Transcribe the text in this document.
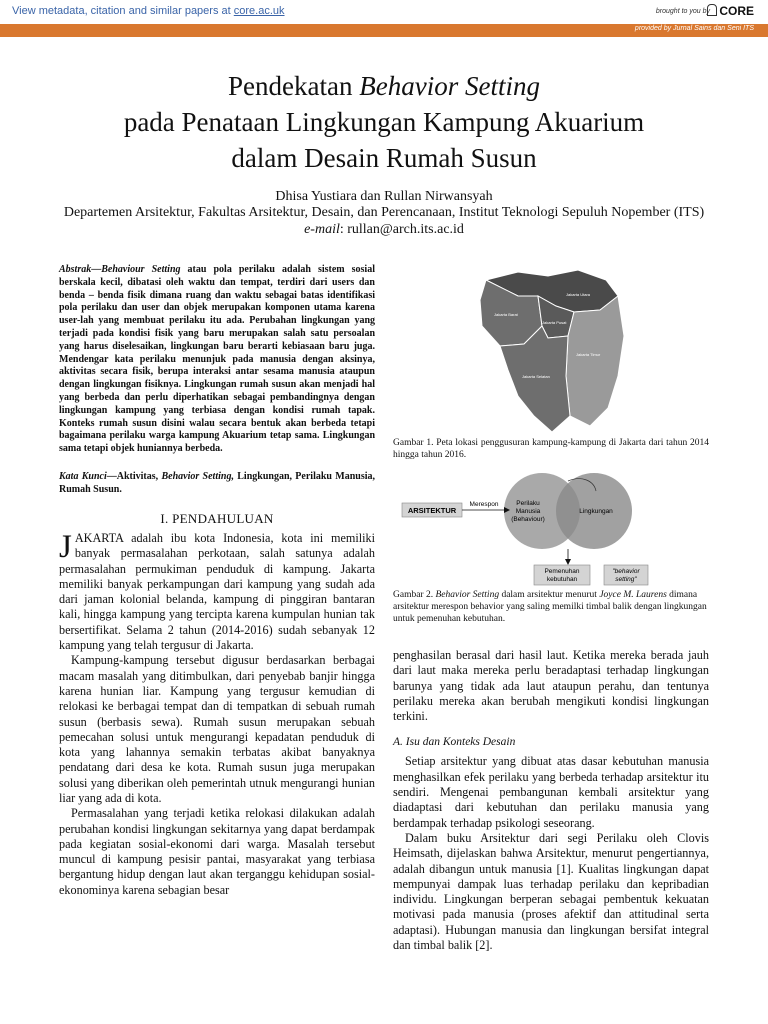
View metadata, citation and similar papers at core.ac.uk	brought to you by CORE
provided by Jurnal Sains dan Seni ITS
Pendekatan Behavior Setting
pada Penataan Lingkungan Kampung Akuarium
dalam Desain Rumah Susun
Dhisa Yustiara dan Rullan Nirwansyah
Departemen Arsitektur, Fakultas Arsitektur, Desain, dan Perencanaan, Institut Teknologi Sepuluh Nopember (ITS)
e-mail: rullan@arch.its.ac.id

Abstrak—Behaviour Setting atau pola perilaku adalah sistem sosial berskala kecil, dibatasi oleh waktu dan tempat, terdiri dari users dan benda – benda fisik dimana ruang dan waktu sebagai batas identifikasi pola perilaku dan user dan objek merupakan komponen utama karena user-lah yang membuat perilaku itu ada. Perubahan lingkungan yang terjadi pada kondisi fisik yang baru merupakan salah satu persoalan yang harus diselesaikan, lingkungan baru berarti kebiasaan baru juga. Mendengar kata perilaku menunjuk pada manusia dengan aksinya, aktivitas secara fisik, berupa interaksi antar sesama manusia ataupun dengan lingkungan fisiknya. Lingkungan rumah susun akan menjadi hal yang berbeda dan perlu diperhatikan sebagai pembandingnya dengan lingkungan kampung yang terbiasa dengan kondisi rumah tapak. Konteks rumah susun disini walau secara bentuk akan berbeda tetapi bagaimana perilaku warga kampung Akuarium tetap sama. Lingkungan sama tetapi objek huniannya berbeda.

Kata Kunci—Aktivitas, Behavior Setting, Lingkungan, Perilaku Manusia, Rumah Susun.

I. PENDAHULUAN

JAKARTA adalah ibu kota Indonesia, kota ini memiliki banyak permasalahan perkotaan, salah satunya adalah permasalahan permukiman penduduk di kampung. Jakarta memiliki banyak perkampungan dari kampung yang sudah ada dari jaman kolonial belanda, kampung di pinggiran bantaran kali, hingga kampung yang tercipta karena kumpulan hunian tak bersertifikat. Selama 2 tahun (2014-2016) sudah sebanyak 12 kampung yang telah tergusur di Jakarta.

Kampung-kampung tersebut digusur berdasarkan berbagai macam masalah yang ditimbulkan, dari penyebab banjir hingga karena hunian liar. Kampung yang tergusur kemudian di relokasi ke berbagai tempat dan di tempatkan di sebuah rumah susun (berbasis sewa). Rumah susun merupakan sebuah pemecahan solusi untuk mengurangi kepadatan penduduk di kota yang lahannya semakin terbatas akibat banyaknya pendatang dari desa ke kota. Rumah susun juga merupakan solusi yang diberikan oleh pemerintah utnuk mengurangi hunian liar yang ada di kota.

Permasalahan yang terjadi ketika relokasi dilakukan adalah perubahan kondisi lingkungan sekitarnya yang dapat berdampak pada kegiatan sosial-ekonomi dari warga. Masalah tersebut muncul di kampung pesisir pantai, masyarakat yang terbiasa bergantung hidup dengan laut akan terganggu kehidupan sosial-ekonominya karena sebagian besar

Jakarta Utara
Jakarta Barat
Jakarta Pusat
Jakarta Timur
Jakarta Selatan
Gambar 1. Peta lokasi penggusuran kampung-kampung di Jakarta dari tahun 2014 hingga tahun 2016.
ARSITEKTUR
Merespon	Perilaku
Manusia
(Behaviour)
Lingkungan
Pemenuhan
kebutuhan
"behavior
setting"
Gambar 2. Behavior Setting dalam arsitektur menurut Joyce M. Laurens dimana arsitektur merespon behavior yang saling memilki timbal balik dengan lingkungan untuk pemenuhan kebutuhan.

penghasilan berasal dari hasil laut. Ketika mereka berada jauh dari laut maka mereka perlu beradaptasi terhadap lingkungan barunya yang tidak ada laut ataupun perahu, dan tentunya perilaku mereka akan berubah mengikuti kondisi lingkungan terkini.

A. Isu dan Konteks Desain

Setiap arsitektur yang dibuat atas dasar kebutuhan manusia menghasilkan efek perilaku yang berbeda terhadap arsitektur itu sendiri. Mengenai pembangunan kembali arsitektur yang diadaptasi dari kebutuhan dan perilaku manusia yang berdampak terhadap psikologi seseorang.

Dalam buku Arsitektur dari segi Perilaku oleh Clovis Heimsath, dijelaskan bahwa Arsitektur, menurut pengertiannya, adalah dibangun untuk manusia [1]. Kualitas lingkungan dapat mempunyai dampak luas terhadap perilaku dan kepribadian individu. Lingkungan berperan sebagai pembentuk kekuatan motivasi pada manusia (proses afektif dan attitudinal serta adaptasi). Hubungan manusia dan lingkungan bersifat integral dan timbal balik [2].
